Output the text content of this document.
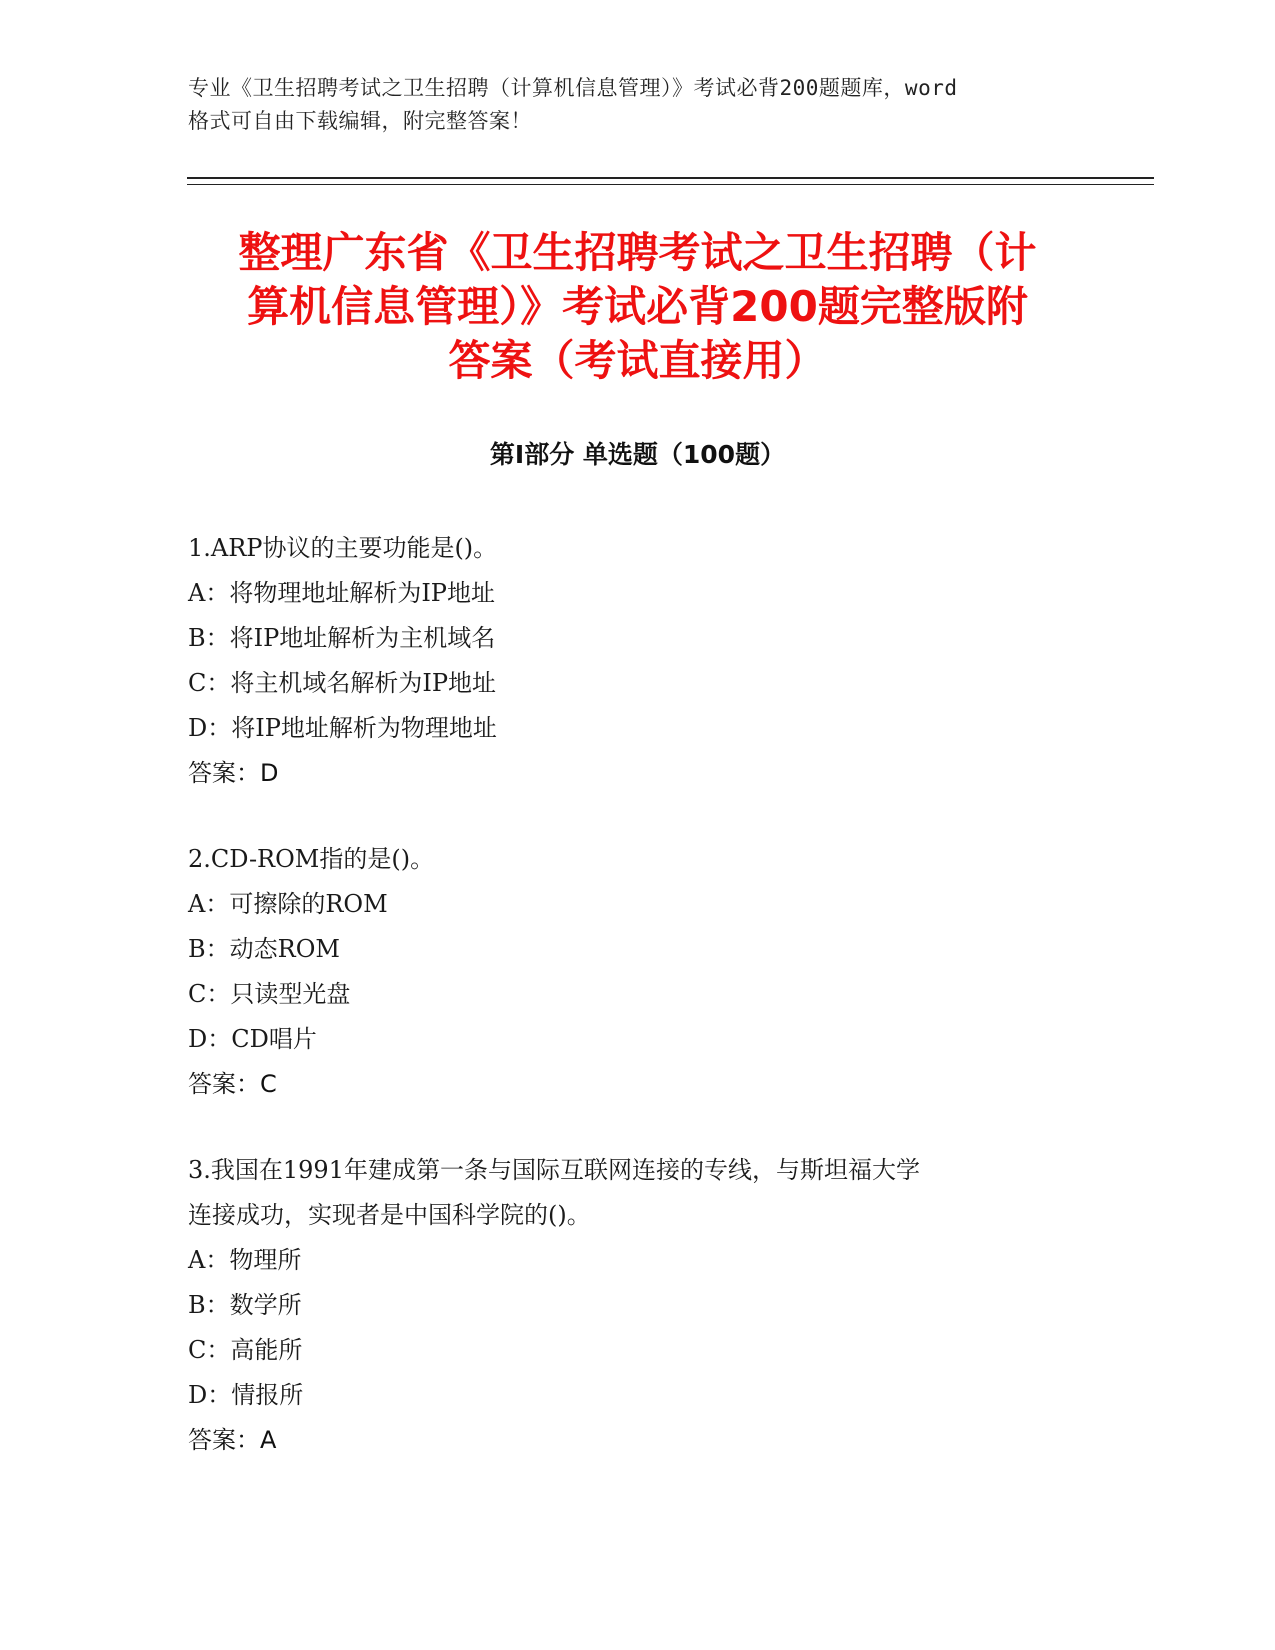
专业《卫生招聘考试之卫生招聘（计算机信息管理）》考试必背200题题库，word
格式可自由下载编辑，附完整答案！
整理广东省《卫生招聘考试之卫生招聘（计
算机信息管理）》考试必背200题完整版附
答案（考试直接用）
第Ⅰ部分 单选题（100题）
1.ARP协议的主要功能是()。
A：将物理地址解析为IP地址
B：将IP地址解析为主机域名
C：将主机域名解析为IP地址
D：将IP地址解析为物理地址
答案：D
2.CD-ROM指的是()。
A：可擦除的ROM
B：动态ROM
C：只读型光盘
D：CD唱片
答案：C
3.我国在1991年建成第一条与国际互联网连接的专线，与斯坦福大学
连接成功，实现者是中国科学院的()。
A：物理所
B：数学所
C：高能所
D：情报所
答案：A
